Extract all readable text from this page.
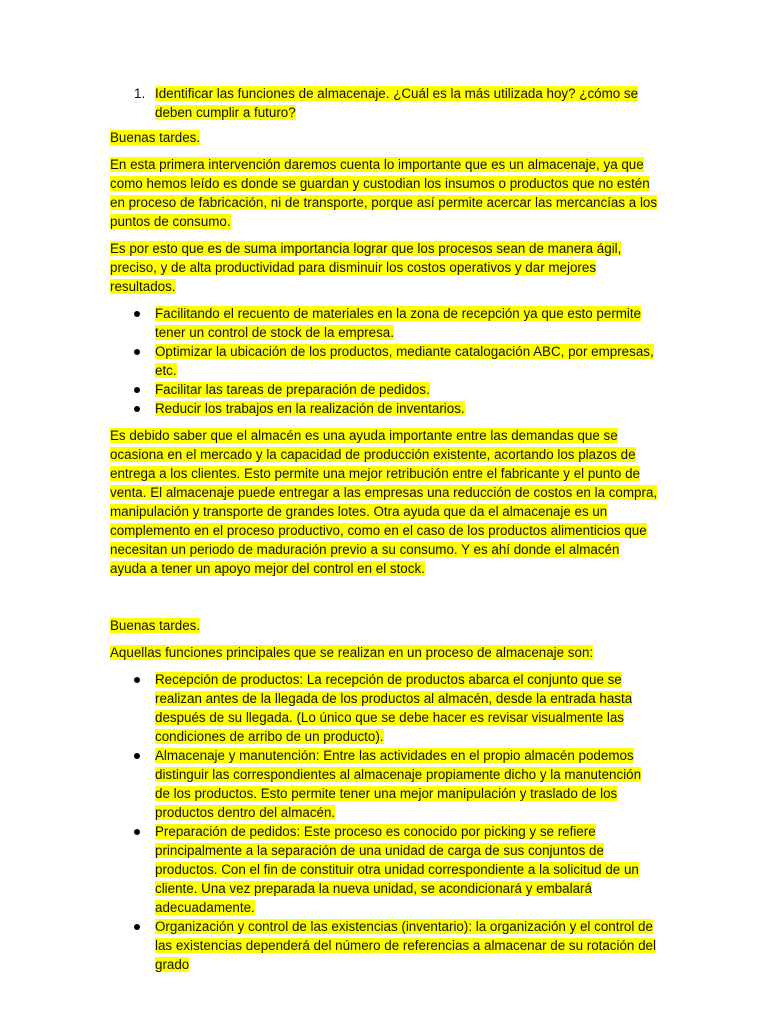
1. Identificar las funciones de almacenaje. ¿Cuál es la más utilizada hoy? ¿cómo se deben cumplir a futuro?

Buenas tardes.

En esta primera intervención daremos cuenta lo importante que es un almacenaje, ya que como hemos leído es donde se guardan y custodian los insumos o productos que no estén en proceso de fabricación, ni de transporte, porque así permite acercar las mercancías a los puntos de consumo.

Es por esto que es de suma importancia lograr que los procesos sean de manera ágil, preciso, y de alta productividad para disminuir los costos operativos y dar mejores resultados.

Facilitando el recuento de materiales en la zona de recepción ya que esto permite tener un control de stock de la empresa.
Optimizar la ubicación de los productos, mediante catalogación ABC, por empresas, etc.
Facilitar las tareas de preparación de pedidos.
Reducir los trabajos en la realización de inventarios.

Es debido saber que el almacén es una ayuda importante entre las demandas que se ocasiona en el mercado y la capacidad de producción existente, acortando los plazos de entrega a los clientes. Esto permite una mejor retribución entre el fabricante y el punto de venta. El almacenaje puede entregar a las empresas una reducción de costos en la compra, manipulación y transporte de grandes lotes. Otra ayuda que da el almacenaje es un complemento en el proceso productivo, como en el caso de los productos alimenticios que necesitan un periodo de maduración previo a su consumo. Y es ahí donde el almacén ayuda a tener un apoyo mejor del control en el stock.

Buenas tardes.

Aquellas funciones principales que se realizan en un proceso de almacenaje son:

Recepción de productos: La recepción de productos abarca el conjunto que se realizan antes de la llegada de los productos al almacén, desde la entrada hasta después de su llegada. (Lo único que se debe hacer es revisar visualmente las condiciones de arribo de un producto).
Almacenaje y manutención: Entre las actividades en el propio almacén podemos distinguir las correspondientes al almacenaje propiamente dicho y la manutención de los productos. Esto permite tener una mejor manipulación y traslado de los productos dentro del almacén.
Preparación de pedidos: Este proceso es conocido por picking y se refiere principalmente a la separación de una unidad de carga de sus conjuntos de productos. Con el fin de constituir otra unidad correspondiente a la solicitud de un cliente. Una vez preparada la nueva unidad, se acondicionará y embalará adecuadamente.
Organización y control de las existencias (inventario): la organización y el control de las existencias dependerá del número de referencias a almacenar de su rotación del grado
